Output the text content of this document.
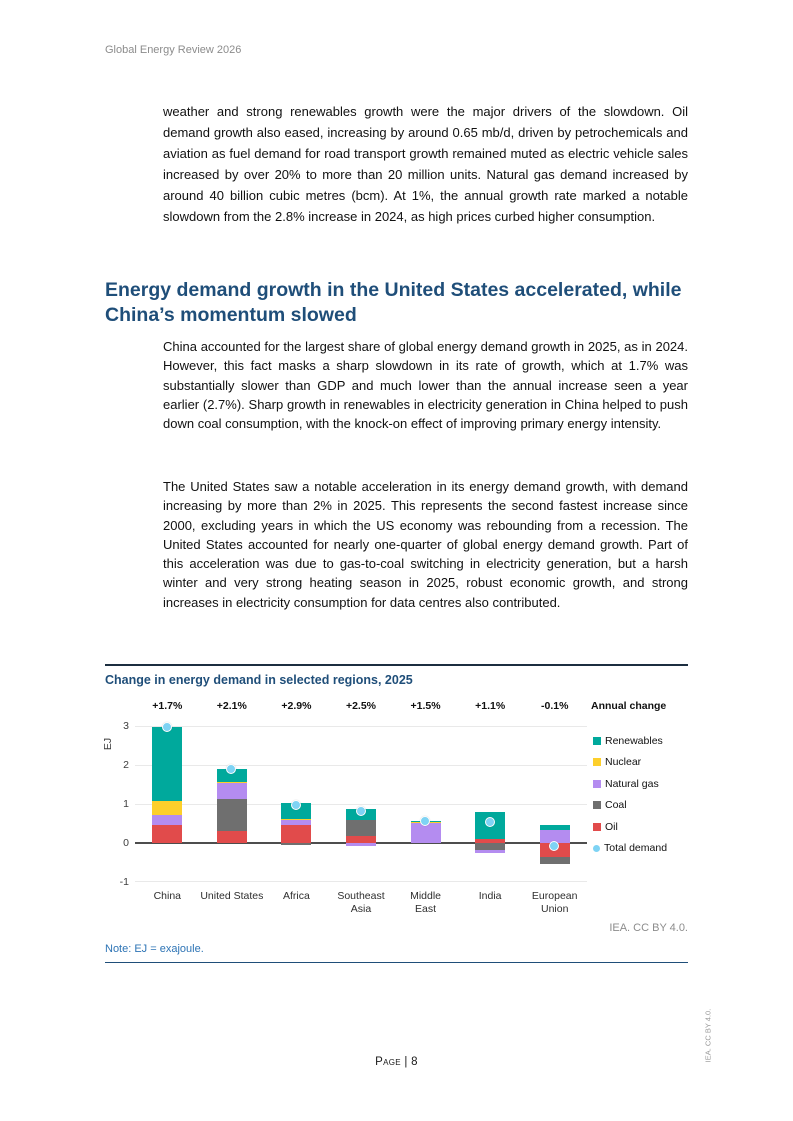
Global Energy Review 2026
weather and strong renewables growth were the major drivers of the slowdown. Oil demand growth also eased, increasing by around 0.65 mb/d, driven by petrochemicals and aviation as fuel demand for road transport growth remained muted as electric vehicle sales increased by over 20% to more than 20 million units. Natural gas demand increased by around 40 billion cubic metres (bcm). At 1%, the annual growth rate marked a notable slowdown from the 2.8% increase in 2024, as high prices curbed higher consumption.
Energy demand growth in the United States accelerated, while China’s momentum slowed
China accounted for the largest share of global energy demand growth in 2025, as in 2024. However, this fact masks a sharp slowdown in its rate of growth, which at 1.7% was substantially slower than GDP and much lower than the annual increase seen a year earlier (2.7%). Sharp growth in renewables in electricity generation in China helped to push down coal consumption, with the knock-on effect of improving primary energy intensity.
The United States saw a notable acceleration in its energy demand growth, with demand increasing by more than 2% in 2025. This represents the second fastest increase since 2000, excluding years in which the US economy was rebounding from a recession. The United States accounted for nearly one-quarter of global energy demand growth. Part of this acceleration was due to gas-to-coal switching in electricity generation, but a harsh winter and very strong heating season in 2025, robust economic growth, and strong increases in electricity consumption for data centres also contributed.
Change in energy demand in selected regions, 2025
Annual change
EJ	Renewables
Nuclear
Natural gas
Coal
Oil
Total demand
IEA. CC BY 4.0.
Note: EJ = exajoule.
3
2
1
0
-1
+1.7%
China
+2.1%
United States
+2.9%
Africa
+2.5%
Southeast
Asia
+1.5%
Middle
East
+1.1%
India
-0.1%
European
Union
Page | 8	IEA. CC BY 4.0.
